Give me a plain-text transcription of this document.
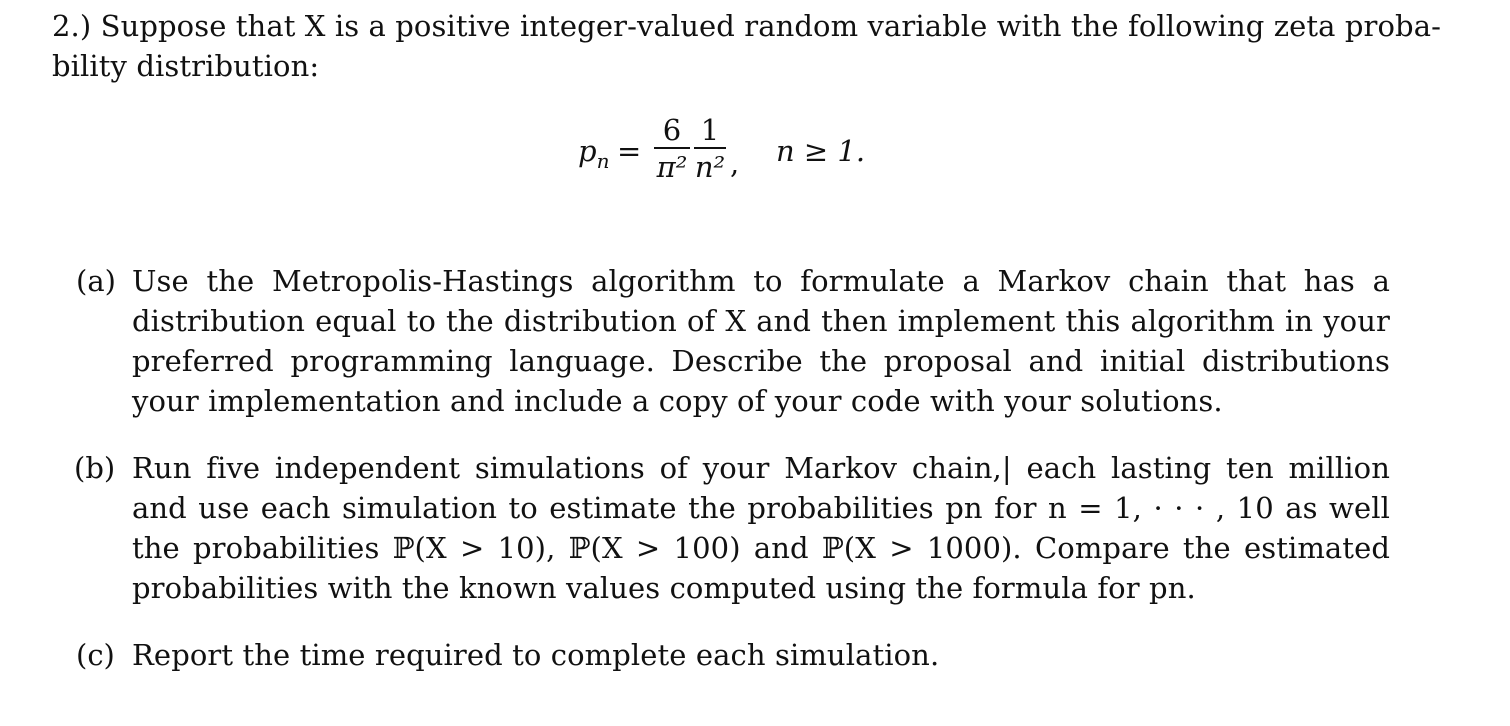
2.) Suppose that X is a positive integer-valued random variable with the following zeta proba-
bility distribution:
$p_n$ =
6
π²
1
n² , n ≥ 1.
(a) Use the Metropolis-Hastings algorithm to formulate a Markov chain that has a
distribution equal to the distribution of X and then implement this algorithm in your
preferred programming language. Describe the proposal and initial distributions
your implementation and include a copy of your code with your solutions.
(b) Run five independent simulations of your Markov chain,| each lasting ten million
and use each simulation to estimate the probabilities pn for n = 1, · · · , 10 as well
the probabilities ℙ(X > 10), ℙ(X > 100) and ℙ(X > 1000). Compare the estimated
probabilities with the known values computed using the formula for pn.
(c) Report the time required to complete each simulation.
